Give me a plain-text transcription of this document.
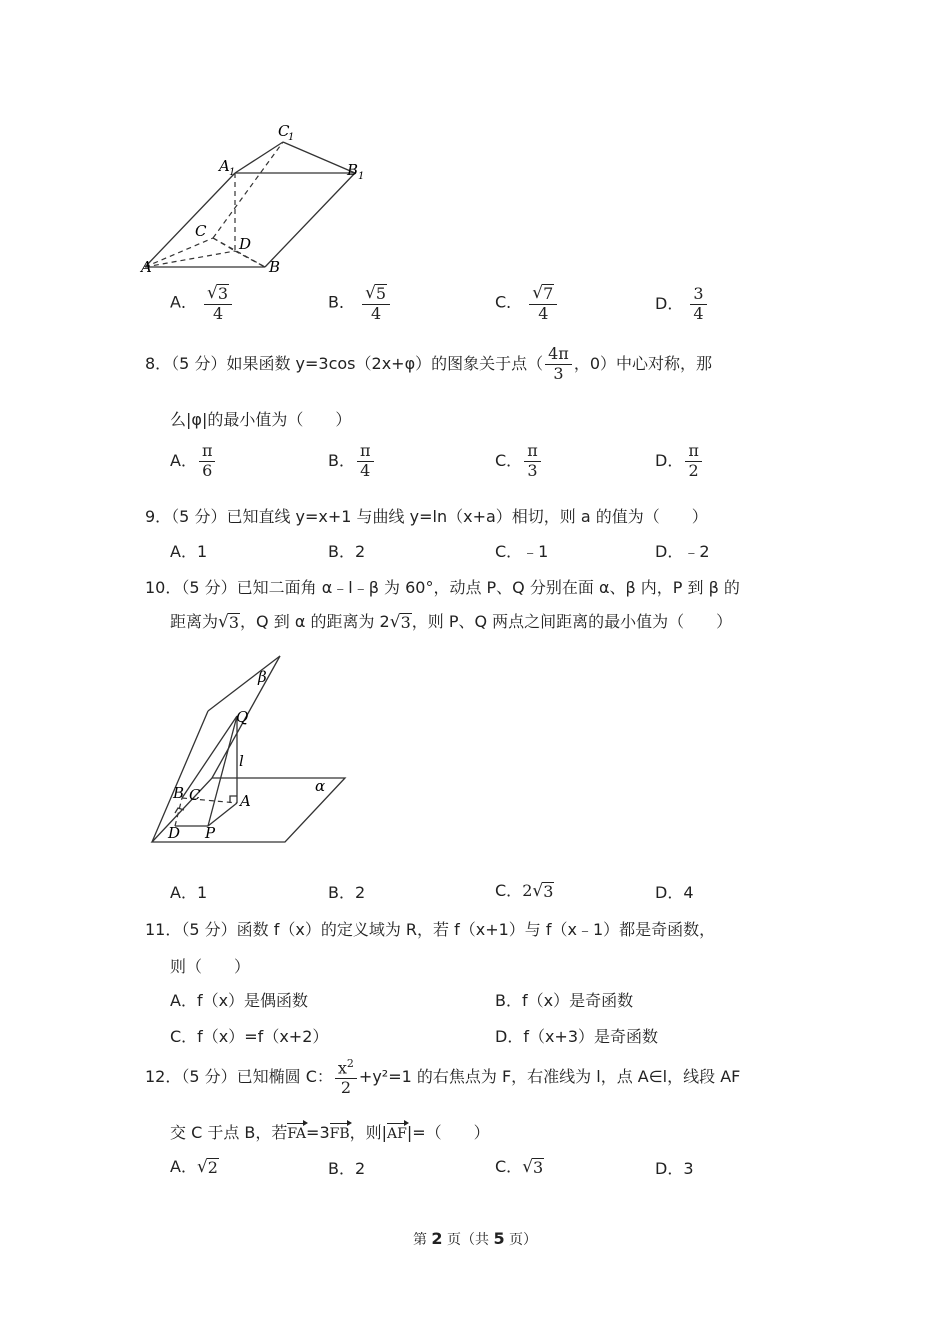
C
1
A 1	B 1
C
D
A	B
A． $\frac{√ 3}{4}$	B． $\frac{√ 5}{4}$	C． $\frac{√ 7}{4}$	D． $\frac{3}{4}$
8．（5 分）如果函数 y=3cos（2x+φ）的图象关于点（ $\frac{4\pi}{3}$ ，0）中心对称，那
么|φ|的最小值为（　　）
A． $\frac{\pi}{6}$	B． $\frac{\pi}{4}$	C． $\frac{\pi}{3}$	D． $\frac{\pi}{2}$
9．（5 分）已知直线 y=x+1 与曲线 y=ln（x+a）相切，则 a 的值为（　　）
A．1	B．2	C．﹣1	D．﹣2
10．（5 分）已知二面角 α﹣l﹣β 为 60°，动点 P、Q 分别在面 α、β 内，P 到 β 的
距离为 √ 3 ，Q 到 α 的距离为 2 √ 3 ，则 P、Q 两点之间距离的最小值为（　　）
β
Q
l
α
B C	A
D P
A．1	B．2	C．2 √ 3	D．4
11．（5 分）函数 f（x）的定义域为 R，若 f（x+1）与 f（x﹣1）都是奇函数，
则（　　）
A．f（x）是偶函数	B．f（x）是奇函数
C．f（x）=f（x+2）	D．f（x+3）是奇函数
12．（5 分）已知椭圆 C： $\frac{x^2}{2} +y^2=1$ 的右焦点为 F，右准线为 l，点 A∈l，线段 AF
交 C 于点 B，若FA=3FB，则|AF|=（　　）
A． √ 2	B．2	C． √ 3	D．3
第 2 页（共 5 页）
